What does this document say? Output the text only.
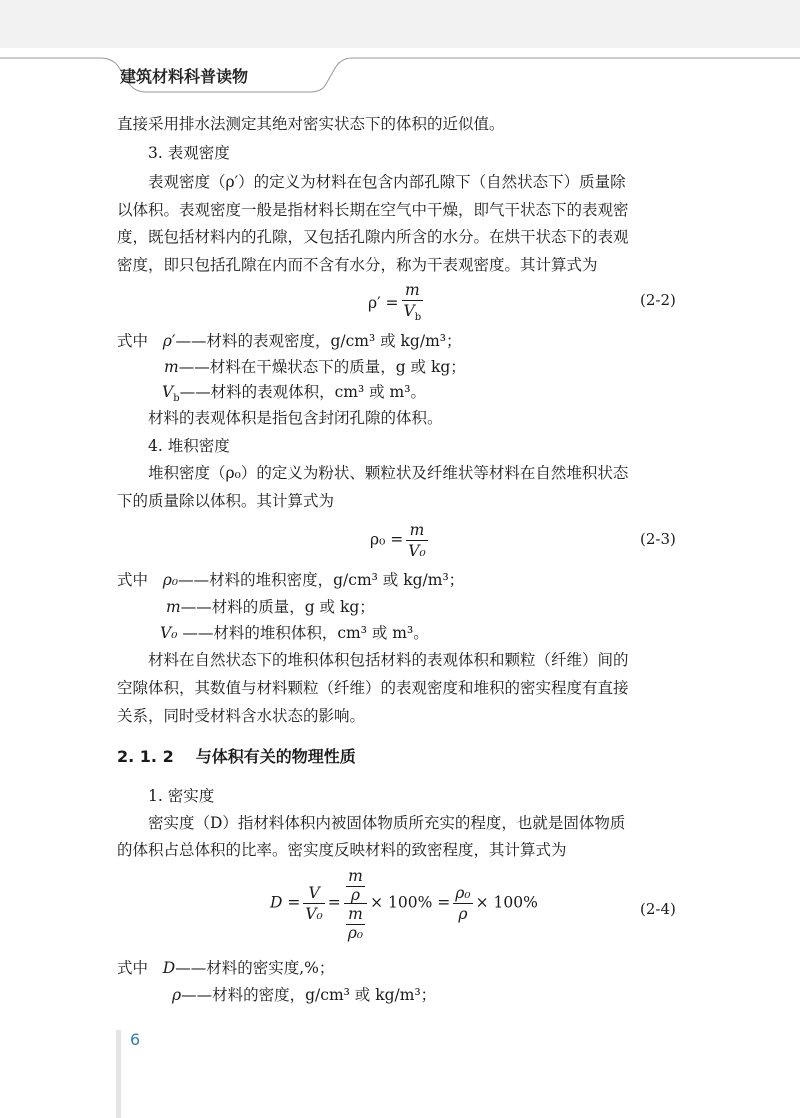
建筑材料科普读物
直接采用排水法测定其绝对密实状态下的体积的近似值。
3. 表观密度
表观密度（ρ′）的定义为材料在包含内部孔隙下（自然状态下）质量除
以体积。表观密度一般是指材料长期在空气中干燥，即气干状态下的表观密
度，既包括材料内的孔隙，又包括孔隙内所含的水分。在烘干状态下的表观
密度，即只包括孔隙在内而不含有水分，称为干表观密度。其计算式为
$\rho' = \frac{m}{V_b}$	(2-2)
式中 ρ′——材料的表观密度，g/cm³ 或 kg/m³；
m——材料在干燥状态下的质量，g 或 kg；
$V_b——$材料的表观体积，cm³ 或 m³。
材料的表观体积是指包含封闭孔隙的体积。
4. 堆积密度
堆积密度（ρ₀）的定义为粉状、颗粒状及纤维状等材料在自然堆积状态
下的质量除以体积。其计算式为
$\rho_0 = \frac{m}{\text{V₀}}$	(2-3)
式中 ρ₀——材料的堆积密度，g/cm³ 或 kg/m³；
m——材料的质量，g 或 kg；
V₀ ——材料的堆积体积，cm³ 或 m³。
材料在自然状态下的堆积体积包括材料的表观体积和颗粒（纤维）间的
空隙体积，其数值与材料颗粒（纤维）的表观密度和堆积的密实程度有直接
关系，同时受材料含水状态的影响。
2. 1. 2 与体积有关的物理性质
1. 密实度
密实度（D）指材料体积内被固体物质所充实的程度，也就是固体物质
的体积占总体积的比率。密实度反映材料的致密程度，其计算式为
$D = \frac{V}{\text{V₀}} = \frac{\frac{m}{\rho}}{\frac{m}{\text{ρ₀}}} \times 100\% = \frac{\text{ρ₀}}{\rho} \times 100\%$	(2-4)
式中 D——材料的密实度,%；
ρ——材料的密度，g/cm³ 或 kg/m³；
6
